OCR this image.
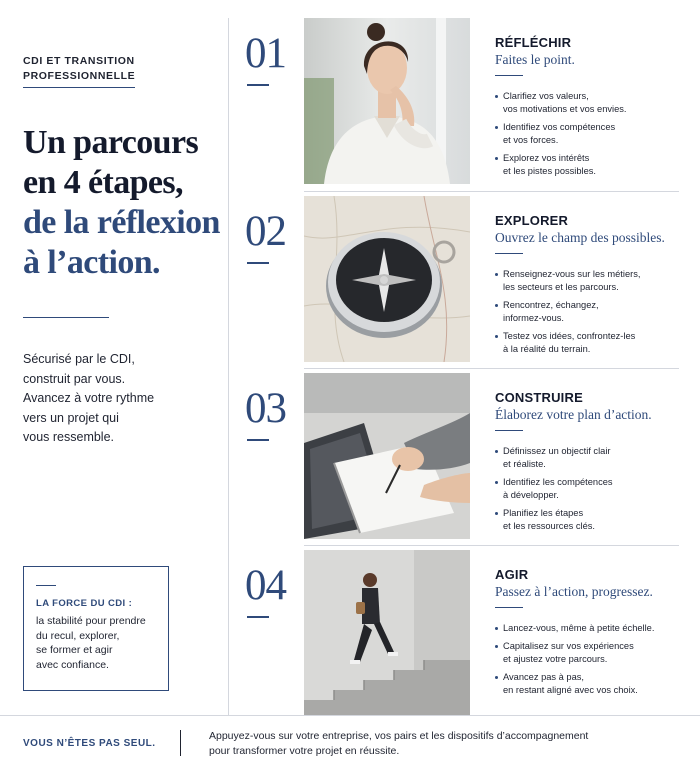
CDI ET TRANSITION
PROFESSIONNELLE
Un parcours
en 4 étapes,
de la réflexion
à l’action.
Sécurisé par le CDI,
construit par vous.
Avancez à votre rythme
vers un projet qui
vous ressemble.
LA FORCE DU CDI :
la stabilité pour prendre
du recul, explorer,
se former et agir
avec confiance.
01	RÉFLÉCHIR
Faites le point.
Clarifiez vos valeurs,
vos motivations et vos envies.
Identifiez vos compétences
et vos forces.
Explorez vos intérêts
et les pistes possibles.
02	EXPLORER
Ouvrez le champ des possibles.
Renseignez-vous sur les métiers,
les secteurs et les parcours.
Rencontrez, échangez,
informez-vous.
Testez vos idées, confrontez-les
à la réalité du terrain.
03	CONSTRUIRE
Élaborez votre plan d’action.
Définissez un objectif clair
et réaliste.
Identifiez les compétences
à développer.
Planifiez les étapes
et les ressources clés.
04	AGIR
Passez à l’action, progressez.
Lancez-vous, même à petite échelle.
Capitalisez sur vos expériences
et ajustez votre parcours.
Avancez pas à pas,
en restant aligné avec vos choix.
VOUS N’ÊTES PAS SEUL.
Appuyez-vous sur votre entreprise, vos pairs et les dispositifs d’accompagnement
pour transformer votre projet en réussite.
